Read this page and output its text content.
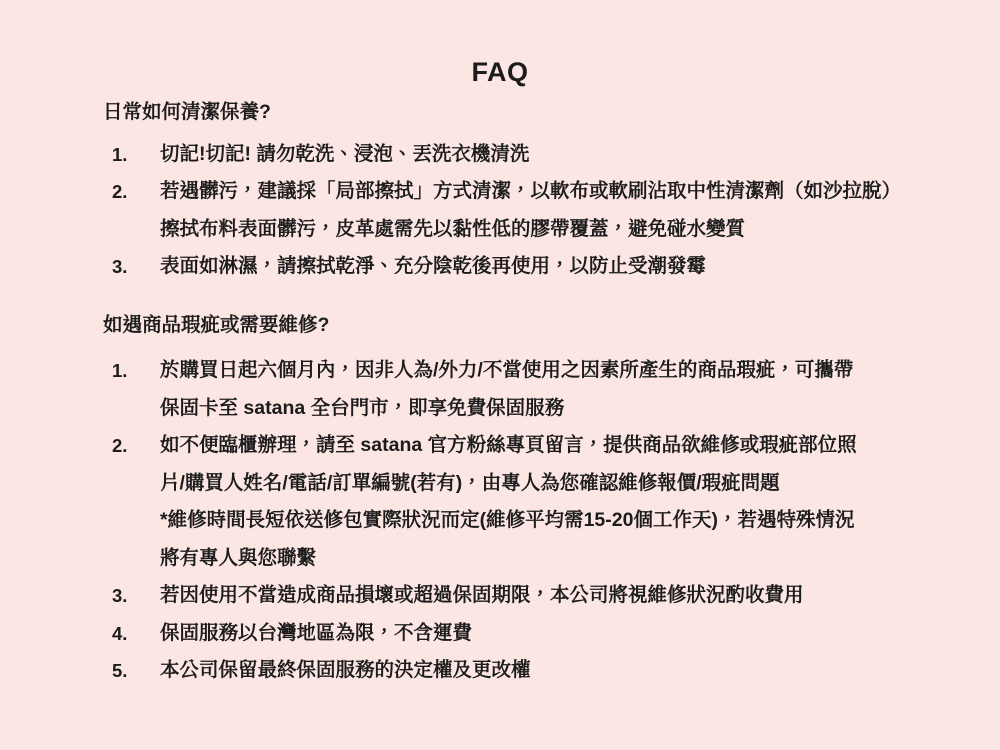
FAQ
日常如何清潔保養?
1.	切記!切記! 請勿乾洗、浸泡、丟洗衣機清洗
2.	若遇髒污，建議採「局部擦拭」方式清潔，以軟布或軟刷沾取中性清潔劑（如沙拉脫）
擦拭布料表面髒污，皮革處需先以黏性低的膠帶覆蓋，避免碰水變質
3.	表面如淋濕，請擦拭乾淨、充分陰乾後再使用，以防止受潮發霉
如遇商品瑕疵或需要維修?
1.	於購買日起六個月內，因非人為/外力/不當使用之因素所產生的商品瑕疵，可攜帶
保固卡至 satana 全台門市，即享免費保固服務
2.	如不便臨櫃辦理，請至 satana 官方粉絲專頁留言，提供商品欲維修或瑕疵部位照
片/購買人姓名/電話/訂單編號(若有)，由專人為您確認維修報價/瑕疵問題
*維修時間長短依送修包實際狀況而定(維修平均需15-20個工作天)，若遇特殊情況
將有專人與您聯繫
3.	若因使用不當造成商品損壞或超過保固期限，本公司將視維修狀況酌收費用
4.	保固服務以台灣地區為限，不含運費
5.	本公司保留最終保固服務的決定權及更改權
